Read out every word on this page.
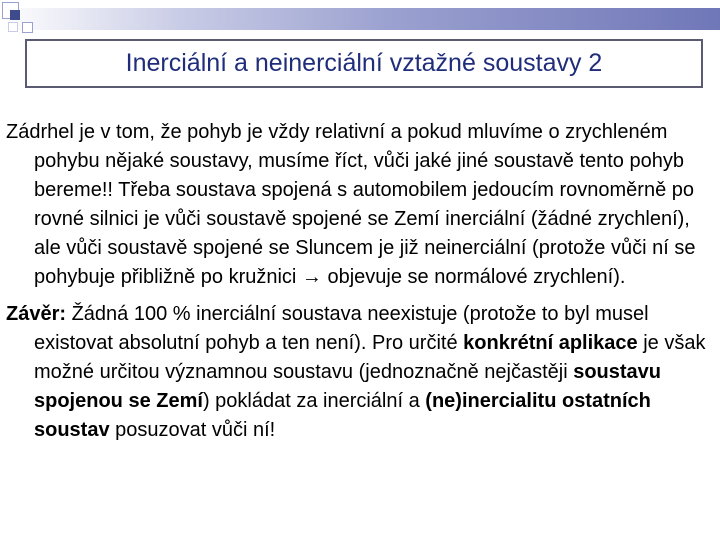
Inerciální a neinerciální vztažné soustavy 2

Zádrhel je v tom, že pohyb je vždy relativní a pokud mluvíme o zrychleném pohybu nějaké soustavy, musíme říct, vůči jaké jiné soustavě tento pohyb bereme!! Třeba soustava spojená s automobilem jedoucím rovnoměrně po rovné silnici je vůči soustavě spojené se Zemí inerciální (žádné zrychlení), ale vůči soustavě spojené se Sluncem je již neinerciální (protože vůči ní se pohybuje přibližně po kružnici → objevuje se normálové zrychlení).

Závěr: Žádná 100 % inerciální soustava neexistuje (protože to byl musel existovat absolutní pohyb a ten není). Pro určité konkrétní aplikace je však možné určitou významnou soustavu (jednoznačně nejčastěji soustavu spojenou se Zemí) pokládat za inerciální a (ne)inercialitu ostatních soustav posuzovat vůči ní!
